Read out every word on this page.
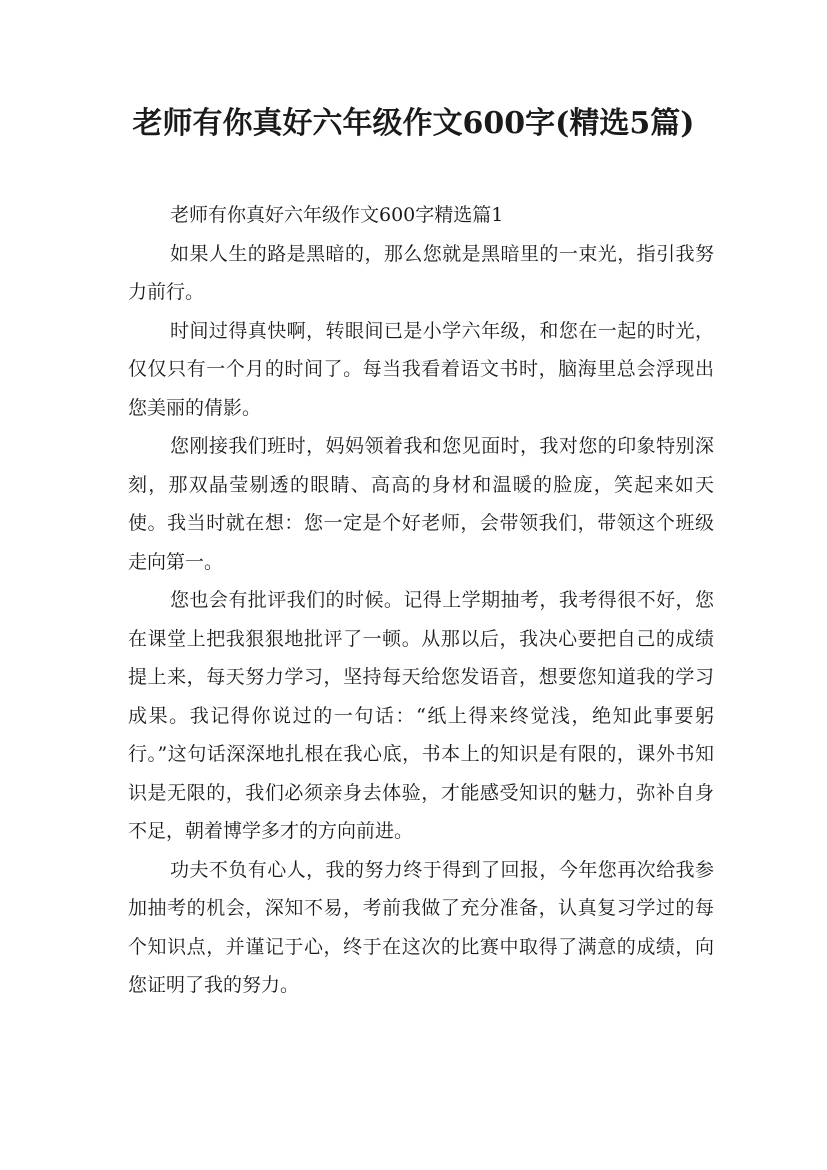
老师有你真好六年级作文600字(精选5篇)

老师有你真好六年级作文600字精选篇1

如果人生的路是黑暗的，那么您就是黑暗里的一束光，指引我努力前行。

时间过得真快啊，转眼间已是小学六年级，和您在一起的时光，仅仅只有一个月的时间了。每当我看着语文书时，脑海里总会浮现出您美丽的倩影。

您刚接我们班时，妈妈领着我和您见面时，我对您的印象特别深刻，那双晶莹剔透的眼睛、高高的身材和温暖的脸庞，笑起来如天使。我当时就在想：您一定是个好老师，会带领我们，带领这个班级走向第一。

您也会有批评我们的时候。记得上学期抽考，我考得很不好，您在课堂上把我狠狠地批评了一顿。从那以后，我决心要把自己的成绩提上来，每天努力学习，坚持每天给您发语音，想要您知道我的学习成果。我记得你说过的一句话：“纸上得来终觉浅，绝知此事要躬行。”这句话深深地扎根在我心底，书本上的知识是有限的，课外书知识是无限的，我们必须亲身去体验，才能感受知识的魅力，弥补自身不足，朝着博学多才的方向前进。

功夫不负有心人，我的努力终于得到了回报，今年您再次给我参加抽考的机会，深知不易，考前我做了充分准备，认真复习学过的每个知识点，并谨记于心，终于在这次的比赛中取得了满意的成绩，向您证明了我的努力。
